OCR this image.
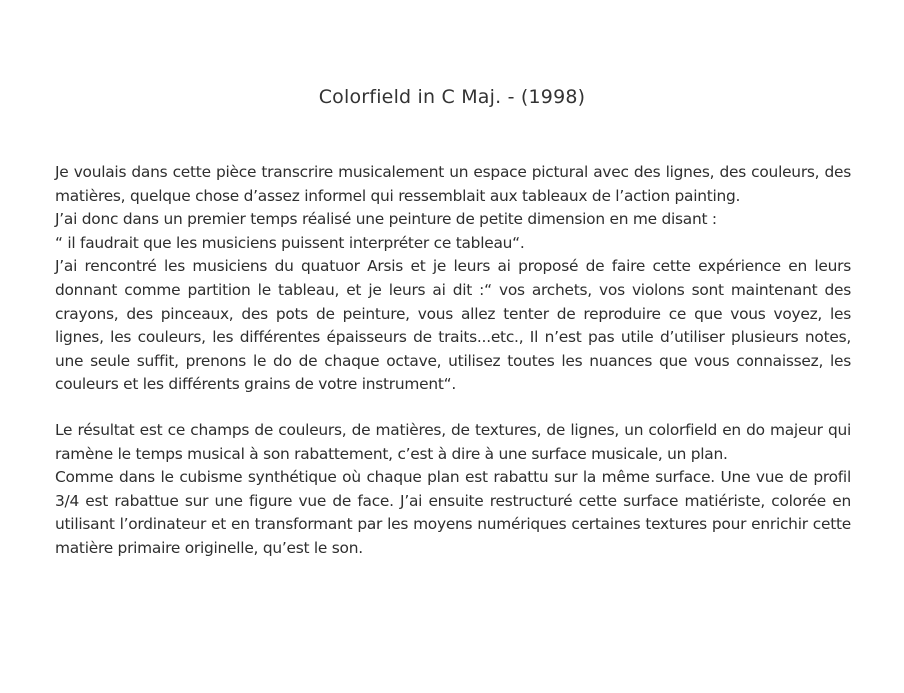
Colorfield in C Maj. - (1998)

Je voulais dans cette pièce transcrire musicalement un espace pictural avec des lignes, des couleurs, des matières, quelque chose d’assez informel qui ressemblait aux tableaux de l’action painting.

J’ai donc dans un premier temps réalisé une peinture de petite dimension en me disant :

“ il faudrait que les musiciens puissent interpréter ce tableau“.

J’ai rencontré les musiciens du quatuor Arsis et je leurs ai proposé de faire cette expérience en leurs donnant comme partition le tableau, et je leurs ai dit :“ vos archets, vos violons sont maintenant des crayons, des pinceaux, des pots de peinture, vous allez tenter de reproduire ce que vous voyez, les lignes, les couleurs, les différentes épaisseurs de traits...etc., Il n’est pas utile d’utiliser plusieurs notes, une seule suffit, prenons le do de chaque octave, utilisez toutes les nuances que vous connaissez, les couleurs et les différents grains de votre instrument“.

Le résultat est ce champs de couleurs, de matières, de textures, de lignes, un colorfield en do majeur qui ramène le temps musical à son rabattement, c’est à dire à une surface musicale, un plan.

Comme dans le cubisme synthétique où chaque plan est rabattu sur la même surface. Une vue de profil 3/4 est rabattue sur une figure vue de face. J’ai ensuite restructuré cette surface matiériste, colorée en utilisant l’ordinateur et en transformant par les moyens numériques certaines textures pour enrichir cette matière primaire originelle, qu’est le son.
